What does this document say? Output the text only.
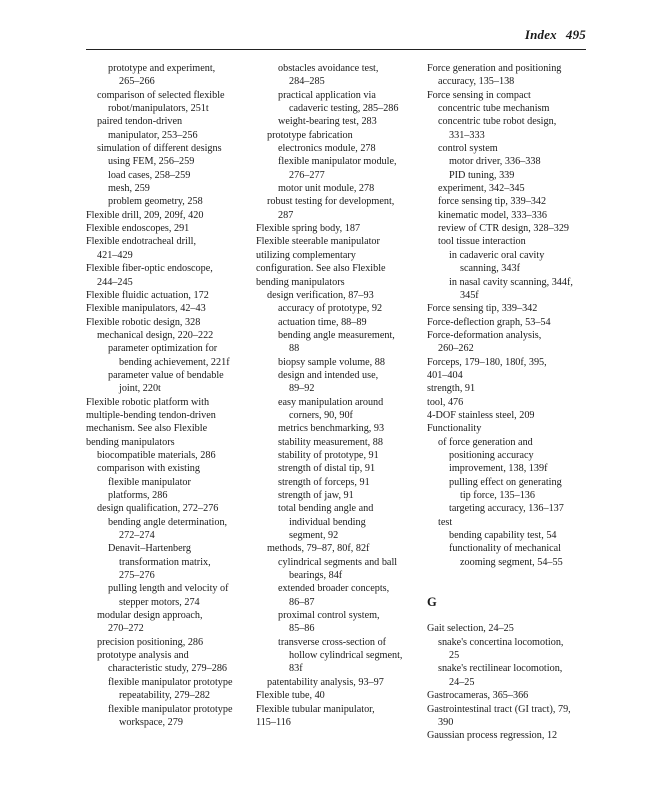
Index 495
prototype and experiment,
265–266
comparison of selected flexible
robot/manipulators, 251t
paired tendon-driven
manipulator, 253–256
simulation of different designs
using FEM, 256–259
load cases, 258–259
mesh, 259
problem geometry, 258
Flexible drill, 209, 209f, 420
Flexible endoscopes, 291
Flexible endotracheal drill,
421–429
Flexible fiber-optic endoscope,
244–245
Flexible fluidic actuation, 172
Flexible manipulators, 42–43
Flexible robotic design, 328
mechanical design, 220–222
parameter optimization for
bending achievement, 221f
parameter value of bendable
joint, 220t
Flexible robotic platform with
multiple-bending tendon-driven
mechanism. See also Flexible
bending manipulators
biocompatible materials, 286
comparison with existing
flexible manipulator
platforms, 286
design qualification, 272–276
bending angle determination,
272–274
Denavit–Hartenberg
transformation matrix,
275–276
pulling length and velocity of
stepper motors, 274
modular design approach,
270–272
precision positioning, 286
prototype analysis and
characteristic study, 279–286
flexible manipulator prototype
repeatability, 279–282
flexible manipulator prototype
workspace, 279
obstacles avoidance test,
284–285
practical application via
cadaveric testing, 285–286
weight-bearing test, 283
prototype fabrication
electronics module, 278
flexible manipulator module,
276–277
motor unit module, 278
robust testing for development,
287
Flexible spring body, 187
Flexible steerable manipulator
utilizing complementary
configuration. See also Flexible
bending manipulators
design verification, 87–93
accuracy of prototype, 92
actuation time, 88–89
bending angle measurement,
88
biopsy sample volume, 88
design and intended use,
89–92
easy manipulation around
corners, 90, 90f
metrics benchmarking, 93
stability measurement, 88
stability of prototype, 91
strength of distal tip, 91
strength of forceps, 91
strength of jaw, 91
total bending angle and
individual bending
segment, 92
methods, 79–87, 80f, 82f
cylindrical segments and ball
bearings, 84f
extended broader concepts,
86–87
proximal control system,
85–86
transverse cross-section of
hollow cylindrical segment,
83f
patentability analysis, 93–97
Flexible tube, 40
Flexible tubular manipulator,
115–116
Force generation and positioning
accuracy, 135–138
Force sensing in compact
concentric tube mechanism
concentric tube robot design,
331–333
control system
motor driver, 336–338
PID tuning, 339
experiment, 342–345
force sensing tip, 339–342
kinematic model, 333–336
review of CTR design, 328–329
tool tissue interaction
in cadaveric oral cavity
scanning, 343f
in nasal cavity scanning, 344f,
345f
Force sensing tip, 339–342
Force-deflection graph, 53–54
Force-deformation analysis,
260–262
Forceps, 179–180, 180f, 395,
401–404
strength, 91
tool, 476
4-DOF stainless steel, 209
Functionality
of force generation and
positioning accuracy
improvement, 138, 139f
pulling effect on generating
tip force, 135–136
targeting accuracy, 136–137
test
bending capability test, 54
functionality of mechanical
zooming segment, 54–55
G
Gait selection, 24–25
snake's concertina locomotion,
25
snake's rectilinear locomotion,
24–25
Gastrocameras, 365–366
Gastrointestinal tract (GI tract), 79,
390
Gaussian process regression, 12
